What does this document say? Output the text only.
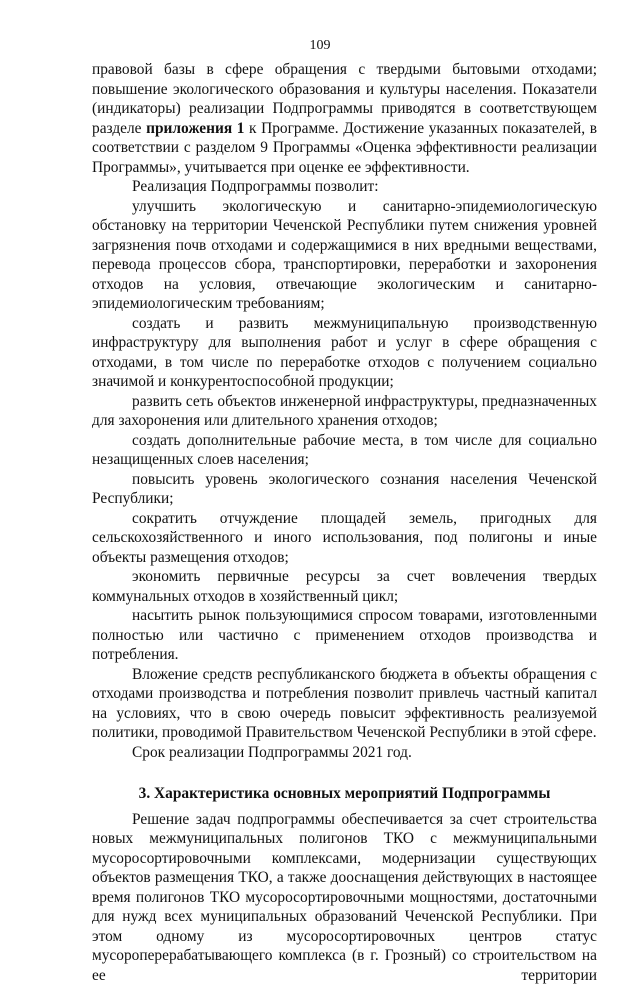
109

правовой базы в сфере обращения с твердыми бытовыми отходами; повышение экологического образования и культуры населения. Показатели (индикаторы) реализации Подпрограммы приводятся в соответствующем разделе приложения 1 к Программе. Достижение указанных показателей, в соответствии с разделом 9 Программы «Оценка эффективности реализации Программы», учитывается при оценке ее эффективности.

Реализация Подпрограммы позволит:

улучшить экологическую и санитарно-эпидемиологическую обстановку на территории Чеченской Республики путем снижения уровней загрязнения почв отходами и содержащимися в них вредными веществами, перевода процессов сбора, транспортировки, переработки и захоронения отходов на условия, отвечающие экологическим и санитарно-эпидемиологическим требованиям;

создать и развить межмуниципальную производственную инфраструктуру для выполнения работ и услуг в сфере обращения с отходами, в том числе по переработке отходов с получением социально значимой и конкурентоспособной продукции;

развить сеть объектов инженерной инфраструктуры, предназначенных для захоронения или длительного хранения отходов;

создать дополнительные рабочие места, в том числе для социально незащищенных слоев населения;

повысить уровень экологического сознания населения Чеченской Республики;

сократить отчуждение площадей земель, пригодных для сельскохозяйственного и иного использования, под полигоны и иные объекты размещения отходов;

экономить первичные ресурсы за счет вовлечения твердых коммунальных отходов в хозяйственный цикл;

насытить рынок пользующимися спросом товарами, изготовленными полностью или частично с применением отходов производства и потребления.

Вложение средств республиканского бюджета в объекты обращения с отходами производства и потребления позволит привлечь частный капитал на условиях, что в свою очередь повысит эффективность реализуемой политики, проводимой Правительством Чеченской Республики в этой сфере.

Срок реализации Подпрограммы 2021 год.

3. Характеристика основных мероприятий Подпрограммы

Решение задач подпрограммы обеспечивается за счет строительства новых межмуниципальных полигонов ТКО с межмуниципальными мусоросортировочными комплексами, модернизации существующих объектов размещения ТКО, а также дооснащения действующих в настоящее время полигонов ТКО мусоросортировочными мощностями, достаточными для нужд всех муниципальных образований Чеченской Республики. При этом одному из мусоросортировочных центров статус мусороперерабатывающего комплекса (в г. Грозный) со строительством на ее территории
